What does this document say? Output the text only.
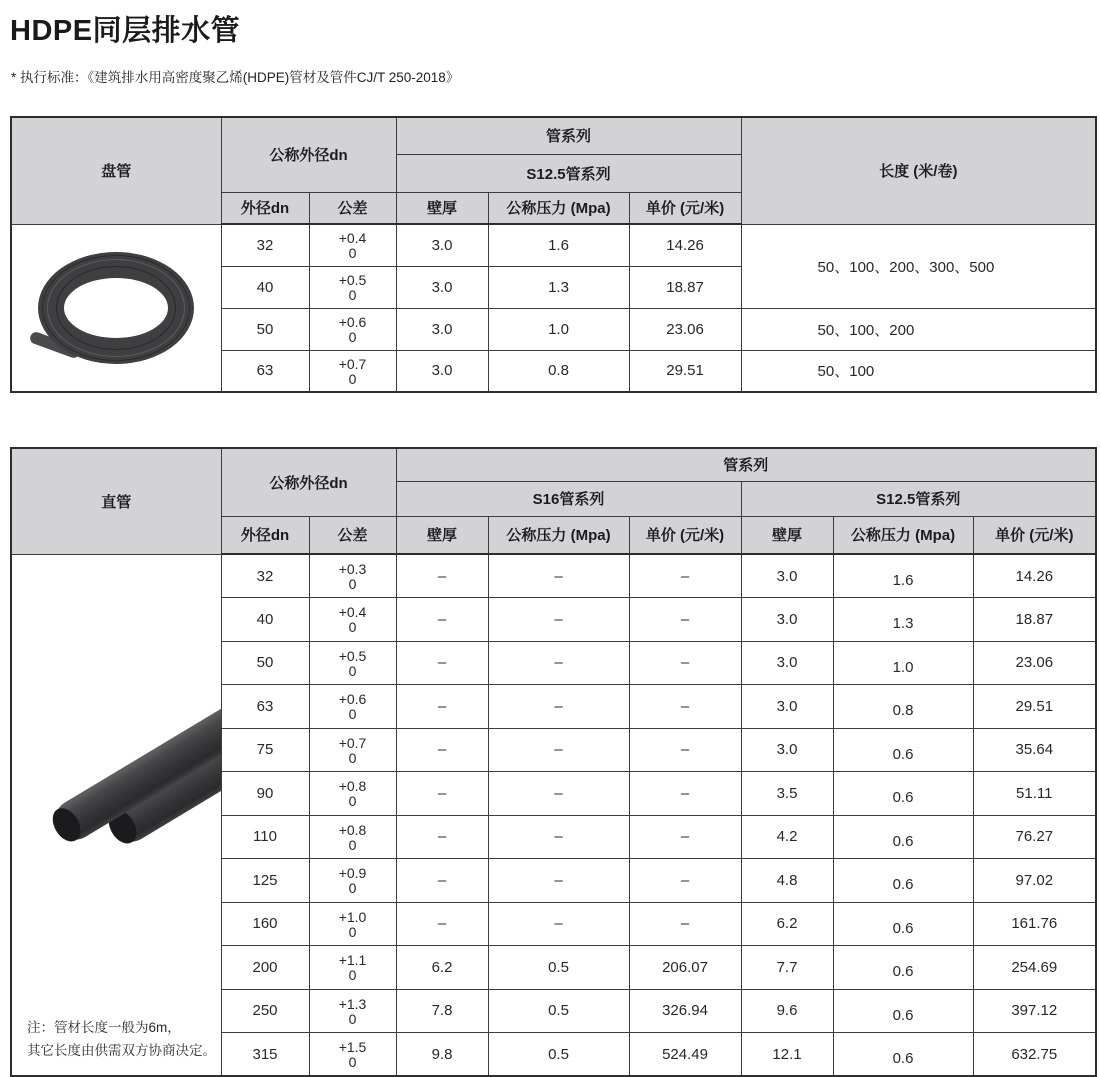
HDPE同层排水管

* 执行标准：《建筑排水用高密度聚乙烯(HDPE)管材及管件CJ/T 250-2018》

盘管	公称外径dn		管系列			长度 (米/卷)
			S12.5管系列			
	外径dn	公差	壁厚	公称压力 (Mpa)	单价 (元/米)	

	32	+0.4
0	3.0	1.6	14.26	50、100、200、300、500
	40	+0.5
0	3.0	1.3	18.87	
	50	+0.6
0	3.0	1.0	23.06	50、100、200
	63	+0.7
0	3.0	0.8	29.51	50、100
直管	公称外径dn		管系列					
			S16管系列			S12.5管系列		
	外径dn	公差	壁厚	公称压力 (Mpa)	单价 (元/米)	壁厚	公称压力 (Mpa)	单价 (元/米)

注：管材长度一般为6m，
其它长度由供需双方协商决定。
	32	+0.3
0	–	–	–	3.0	1.6	14.26
	40	+0.4
0	–	–	–	3.0	1.3	18.87
	50	+0.5
0	–	–	–	3.0	1.0	23.06
	63	+0.6
0	–	–	–	3.0	0.8	29.51
	75	+0.7
0	–	–	–	3.0	0.6	35.64
	90	+0.8
0	–	–	–	3.5	0.6	51.11
	110	+0.8
0	–	–	–	4.2	0.6	76.27
	125	+0.9
0	–	–	–	4.8	0.6	97.02
	160	+1.0
0	–	–	–	6.2	0.6	161.76
	200	+1.1
0	6.2	0.5	206.07	7.7	0.6	254.69
	250	+1.3
0	7.8	0.5	326.94	9.6	0.6	397.12
	315	+1.5
0	9.8	0.5	524.49	12.1	0.6	632.75
